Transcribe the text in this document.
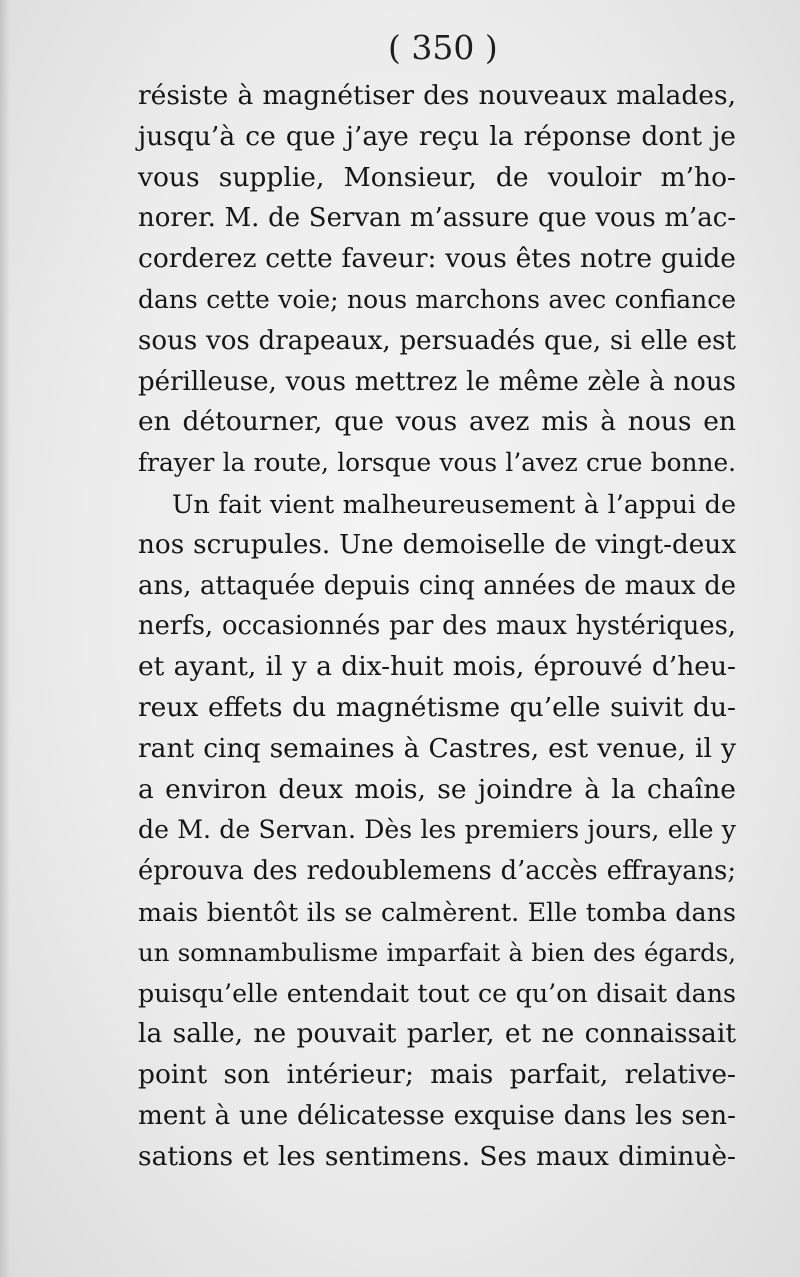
( 350 )
résiste à magnétiser des nouveaux malades,
jusqu’à ce que j’aye reçu la réponse dont je
vous supplie, Monsieur, de vouloir m’ho-
norer. M. de Servan m’assure que vous m’ac-
corderez cette faveur: vous êtes notre guide
dans cette voie; nous marchons avec confiance
sous vos drapeaux, persuadés que, si elle est
périlleuse, vous mettrez le même zèle à nous
en détourner, que vous avez mis à nous en
frayer la route, lorsque vous l’avez crue bonne.
Un fait vient malheureusement à l’appui de
nos scrupules. Une demoiselle de vingt-deux
ans, attaquée depuis cinq années de maux de
nerfs, occasionnés par des maux hystériques,
et ayant, il y a dix-huit mois, éprouvé d’heu-
reux effets du magnétisme qu’elle suivit du-
rant cinq semaines à Castres, est venue, il y
a environ deux mois, se joindre à la chaîne
de M. de Servan. Dès les premiers jours, elle y
éprouva des redoublemens d’accès effrayans;
mais bientôt ils se calmèrent. Elle tomba dans
un somnambulisme imparfait à bien des égards,
puisqu’elle entendait tout ce qu’on disait dans
la salle, ne pouvait parler, et ne connaissait
point son intérieur; mais parfait, relative-
ment à une délicatesse exquise dans les sen-
sations et les sentimens. Ses maux diminuè-
